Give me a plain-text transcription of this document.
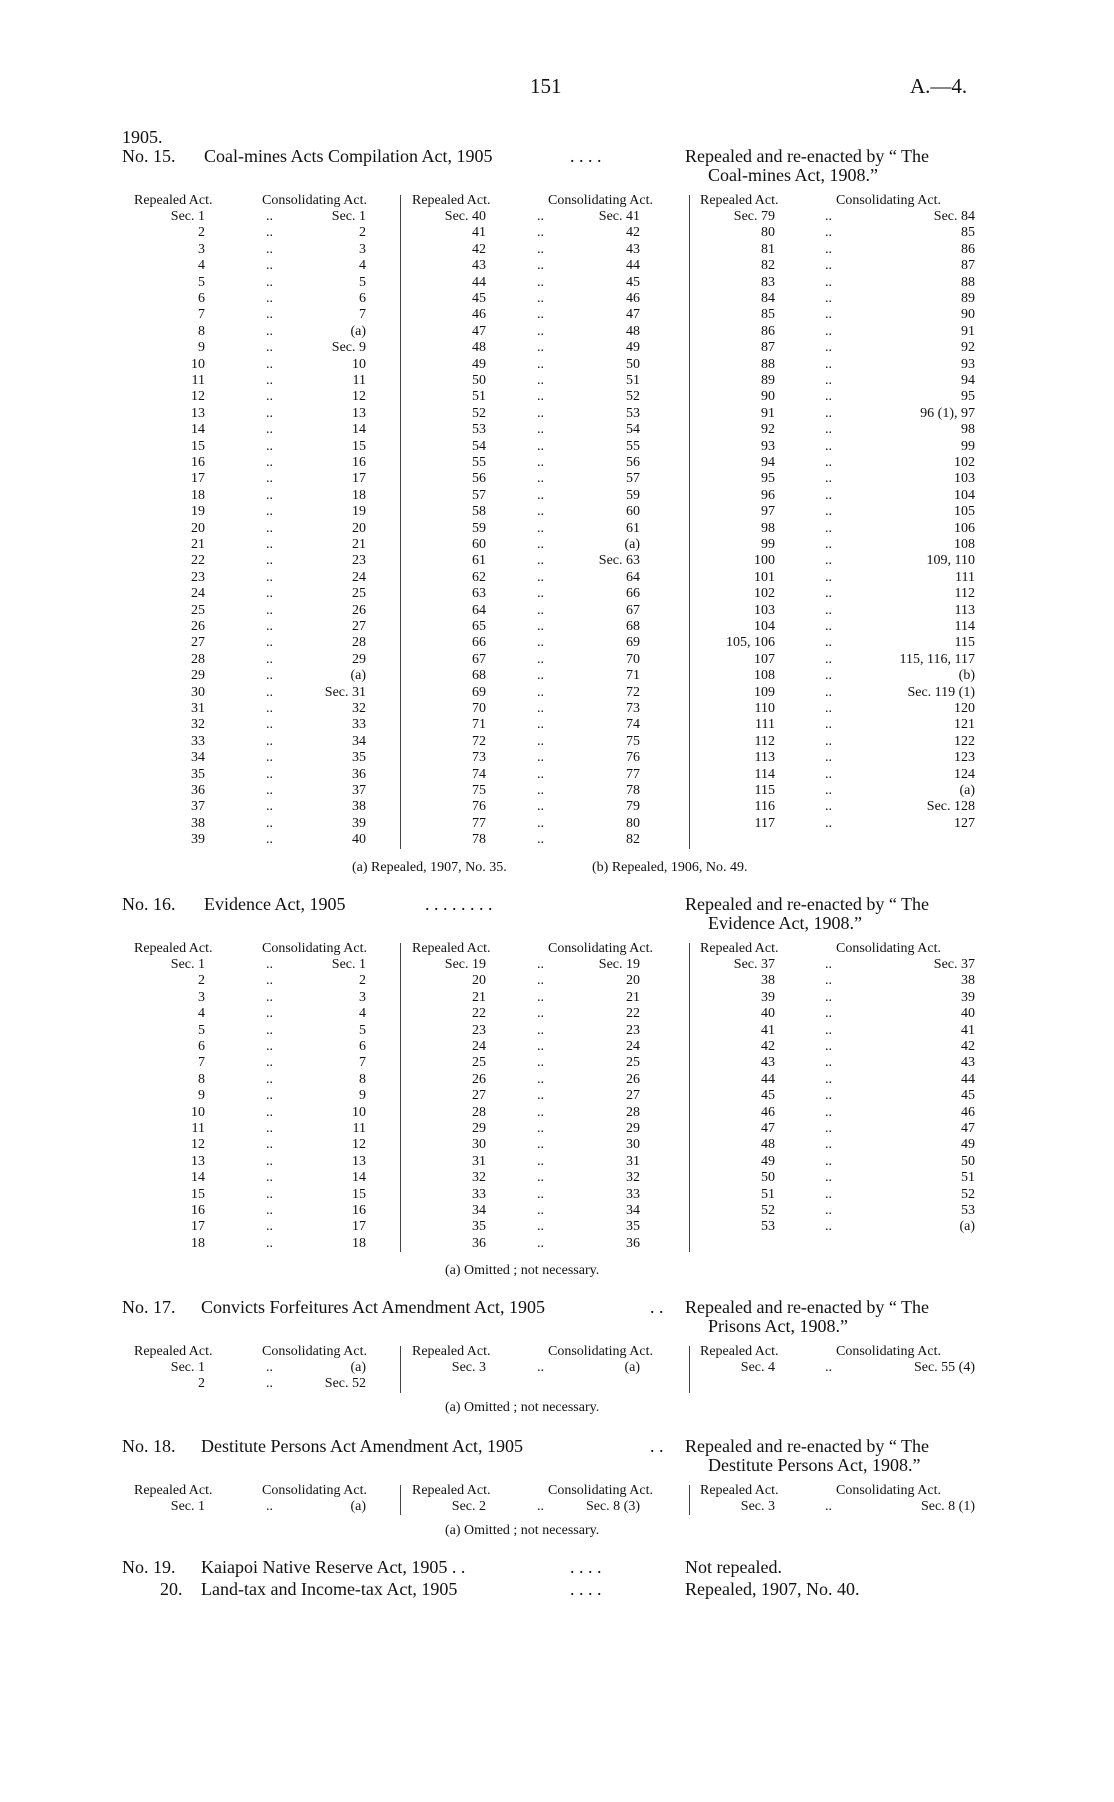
151	A.—4.
1905.
No. 15. Coal-mines Acts Compilation Act, 1905	. . . .	Repealed and re-enacted by “ The
Coal-mines Act, 1908.”
Repealed Act.	Consolidating Act.
Sec. 1	..	Sec. 1
2	..	2
3	..	3
4	..	4
5	..	5
6	..	6
7	..	7
8	..	(a)
9	..	Sec. 9
10	..	10
11	..	11
12	..	12
13	..	13
14	..	14
15	..	15
16	..	16
17	..	17
18	..	18
19	..	19
20	..	20
21	..	21
22	..	23
23	..	24
24	..	25
25	..	26
26	..	27
27	..	28
28	..	29
29	..	(a)
30	..	Sec. 31
31	..	32
32	..	33
33	..	34
34	..	35
35	..	36
36	..	37
37	..	38
38	..	39
39	..	40
Repealed Act.	Consolidating Act.
Sec. 40	..	Sec. 41
41	..	42
42	..	43
43	..	44
44	..	45
45	..	46
46	..	47
47	..	48
48	..	49
49	..	50
50	..	51
51	..	52
52	..	53
53	..	54
54	..	55
55	..	56
56	..	57
57	..	59
58	..	60
59	..	61
60	..	(a)
61	..	Sec. 63
62	..	64
63	..	66
64	..	67
65	..	68
66	..	69
67	..	70
68	..	71
69	..	72
70	..	73
71	..	74
72	..	75
73	..	76
74	..	77
75	..	78
76	..	79
77	..	80
78	..	82
Repealed Act.	Consolidating Act.
Sec. 79	..	Sec. 84
80	..	85
81	..	86
82	..	87
83	..	88
84	..	89
85	..	90
86	..	91
87	..	92
88	..	93
89	..	94
90	..	95
91	..	96 (1), 97
92	..	98
93	..	99
94	..	102
95	..	103
96	..	104
97	..	105
98	..	106
99	..	108
100	..	109, 110
101	..	111
102	..	112
103	..	113
104	..	114
105, 106	..	115
107	..	115, 116, 117
108	..	(b)
109	..	Sec. 119 (1)
110	..	120
111	..	121
112	..	122
113	..	123
114	..	124
115	..	(a)
116	..	Sec. 128
117	..	127
(a) Repealed, 1907, No. 35.	(b) Repealed, 1906, No. 49.
No. 16. Evidence Act, 1905	. . . . . . . .	Repealed and re-enacted by “ The
Evidence Act, 1908.”
Repealed Act.	Consolidating Act.
Sec. 1	..	Sec. 1
2	..	2
3	..	3
4	..	4
5	..	5
6	..	6
7	..	7
8	..	8
9	..	9
10	..	10
11	..	11
12	..	12
13	..	13
14	..	14
15	..	15
16	..	16
17	..	17
18	..	18
Repealed Act.	Consolidating Act.
Sec. 19	..	Sec. 19
20	..	20
21	..	21
22	..	22
23	..	23
24	..	24
25	..	25
26	..	26
27	..	27
28	..	28
29	..	29
30	..	30
31	..	31
32	..	32
33	..	33
34	..	34
35	..	35
36	..	36
Repealed Act.	Consolidating Act.
Sec. 37	..	Sec. 37
38	..	38
39	..	39
40	..	40
41	..	41
42	..	42
43	..	43
44	..	44
45	..	45
46	..	46
47	..	47
48	..	49
49	..	50
50	..	51
51	..	52
52	..	53
53	..	(a)
(a) Omitted ; not necessary.
No. 17. Convicts Forfeitures Act Amendment Act, 1905	. . Repealed and re-enacted by “ The
Prisons Act, 1908.”
Repealed Act.	Consolidating Act.
Sec. 1	..	(a)
2	..	Sec. 52
Repealed Act.	Consolidating Act.
Sec. 3	..	(a)
Repealed Act.	Consolidating Act.
Sec. 4	..	Sec. 55 (4)
(a) Omitted ; not necessary.
No. 18. Destitute Persons Act Amendment Act, 1905	. . Repealed and re-enacted by “ The
Destitute Persons Act, 1908.”
Repealed Act.	Consolidating Act.
Sec. 1	..	(a)
Repealed Act.	Consolidating Act.
Sec. 2	..	Sec. 8 (3)
Repealed Act.	Consolidating Act.
Sec. 3	..	Sec. 8 (1)
(a) Omitted ; not necessary.
No. 19. Kaiapoi Native Reserve Act, 1905 . .	. . . .	Not repealed.
20. Land-tax and Income-tax Act, 1905	. . . .	Repealed, 1907, No. 40.
